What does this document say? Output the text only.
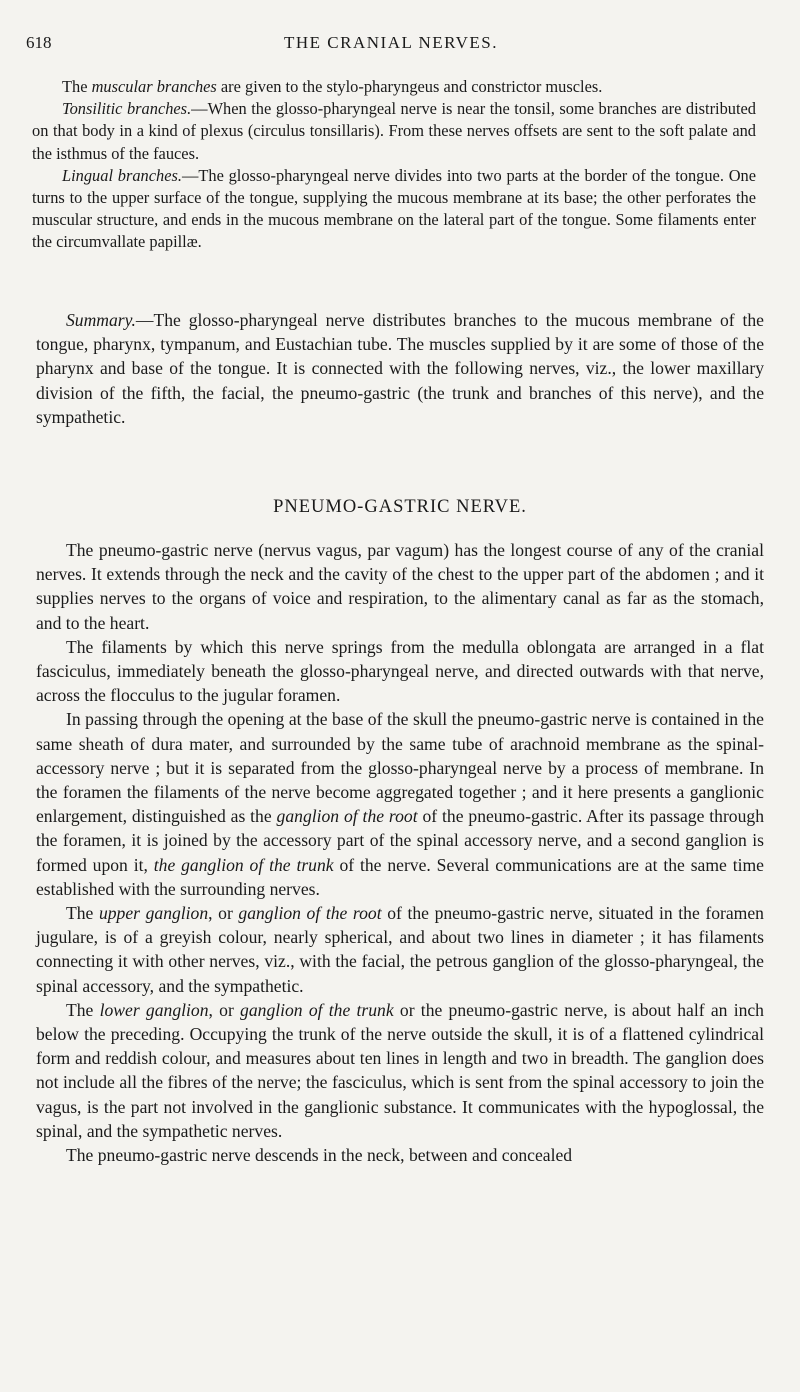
618	THE CRANIAL NERVES.

The muscular branches are given to the stylo-pharyngeus and constrictor muscles.

Tonsilitic branches.—When the glosso-pharyngeal nerve is near the tonsil, some branches are distributed on that body in a kind of plexus (circulus tonsillaris). From these nerves offsets are sent to the soft palate and the isthmus of the fauces.

Lingual branches.—The glosso-pharyngeal nerve divides into two parts at the border of the tongue. One turns to the upper surface of the tongue, supplying the mucous membrane at its base; the other perforates the muscular structure, and ends in the mucous membrane on the lateral part of the tongue. Some filaments enter the circumvallate papillæ.

Summary.—The glosso-pharyngeal nerve distributes branches to the mucous membrane of the tongue, pharynx, tympanum, and Eustachian tube. The muscles supplied by it are some of those of the pharynx and base of the tongue. It is connected with the following nerves, viz., the lower maxillary division of the fifth, the facial, the pneumo-gastric (the trunk and branches of this nerve), and the sympathetic.

PNEUMO-GASTRIC NERVE.

The pneumo-gastric nerve (nervus vagus, par vagum) has the longest course of any of the cranial nerves. It extends through the neck and the cavity of the chest to the upper part of the abdomen ; and it supplies nerves to the organs of voice and respiration, to the alimentary canal as far as the stomach, and to the heart.

The filaments by which this nerve springs from the medulla oblongata are arranged in a flat fasciculus, immediately beneath the glosso-pharyngeal nerve, and directed outwards with that nerve, across the flocculus to the jugular foramen.

In passing through the opening at the base of the skull the pneumo-gastric nerve is contained in the same sheath of dura mater, and surrounded by the same tube of arachnoid membrane as the spinal-accessory nerve ; but it is separated from the glosso-pharyngeal nerve by a process of membrane. In the foramen the filaments of the nerve become aggregated together ; and it here presents a ganglionic enlargement, distinguished as the ganglion of the root of the pneumo-gastric. After its passage through the foramen, it is joined by the accessory part of the spinal accessory nerve, and a second ganglion is formed upon it, the ganglion of the trunk of the nerve. Several communications are at the same time established with the surrounding nerves.

The upper ganglion, or ganglion of the root of the pneumo-gastric nerve, situated in the foramen jugulare, is of a greyish colour, nearly spherical, and about two lines in diameter ; it has filaments connecting it with other nerves, viz., with the facial, the petrous ganglion of the glosso-pharyngeal, the spinal accessory, and the sympathetic.

The lower ganglion, or ganglion of the trunk or the pneumo-gastric nerve, is about half an inch below the preceding. Occupying the trunk of the nerve outside the skull, it is of a flattened cylindrical form and reddish colour, and measures about ten lines in length and two in breadth. The ganglion does not include all the fibres of the nerve; the fasciculus, which is sent from the spinal accessory to join the vagus, is the part not involved in the ganglionic substance. It communicates with the hypoglossal, the spinal, and the sympathetic nerves.

The pneumo-gastric nerve descends in the neck, between and concealed
